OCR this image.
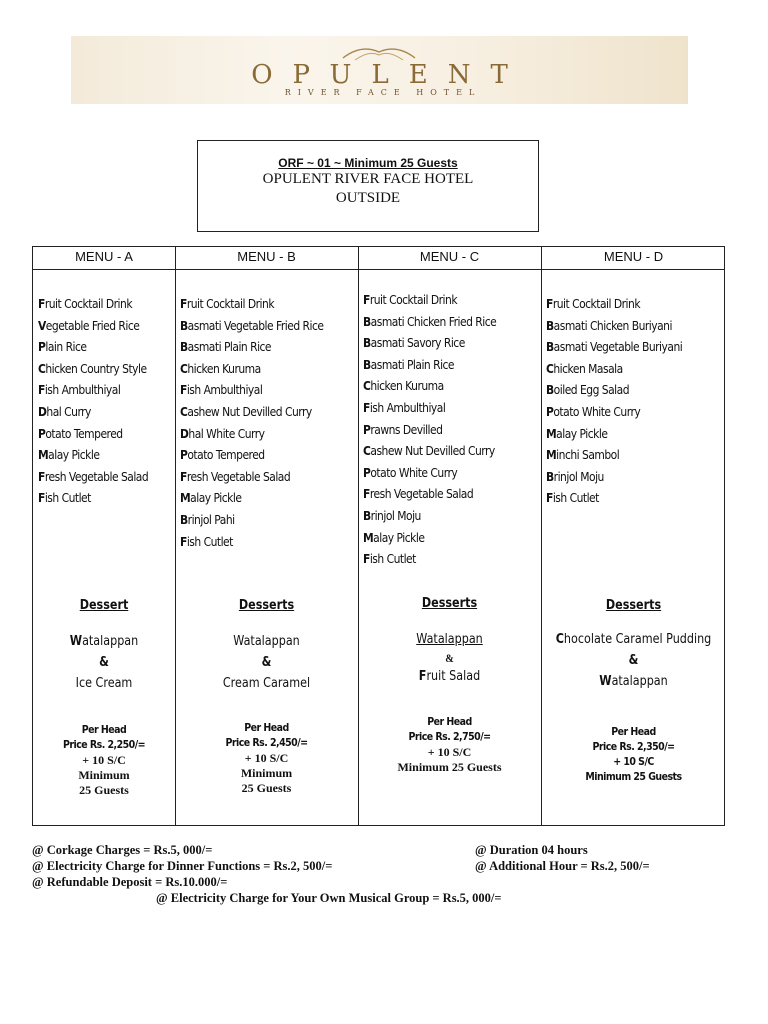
OPULENT
RIVER FACE HOTEL
ORF ~ 01 ~ Minimum 25 Guests
OPULENT RIVER FACE HOTEL
OUTSIDE
MENU - A
Fruit Cocktail Drink
Vegetable Fried Rice
Plain Rice
Chicken Country Style
Fish Ambulthiyal
Dhal Curry
Potato Tempered
Malay Pickle
Fresh Vegetable Salad
Fish Cutlet
Dessert
Watalappan
&
Ice Cream
Per Head
Price Rs. 2,250/=
+ 10 S/C
Minimum
25 Guests
MENU - B
Fruit Cocktail Drink
Basmati Vegetable Fried Rice
Basmati Plain Rice
Chicken Kuruma
Fish Ambulthiyal
Cashew Nut Devilled Curry
Dhal White Curry
Potato Tempered
Fresh Vegetable Salad
Malay Pickle
Brinjol Pahi
Fish Cutlet
Desserts
Watalappan
&
Cream Caramel
Per Head
Price Rs. 2,450/=
+ 10 S/C
Minimum
25 Guests
MENU - C
Fruit Cocktail Drink
Basmati Chicken Fried Rice
Basmati Savory Rice
Basmati Plain Rice
Chicken Kuruma
Fish Ambulthiyal
Prawns Devilled
Cashew Nut Devilled Curry
Potato White Curry
Fresh Vegetable Salad
Brinjol Moju
Malay Pickle
Fish Cutlet
Desserts
Watalappan
&
Fruit Salad
Per Head
Price Rs. 2,750/=
+ 10 S/C
Minimum 25 Guests
MENU - D
Fruit Cocktail Drink
Basmati Chicken Buriyani
Basmati Vegetable Buriyani
Chicken Masala
Boiled Egg Salad
Potato White Curry
Malay Pickle
Minchi Sambol
Brinjol Moju
Fish Cutlet
Desserts
Chocolate Caramel Pudding
&
Watalappan
Per Head
Price Rs. 2,350/=
+ 10 S/C
Minimum 25 Guests
@ Corkage Charges = Rs.5, 000/=	@ Duration 04 hours
@ Electricity Charge for Dinner Functions = Rs.2, 500/=	@ Additional Hour = Rs.2, 500/=
@ Refundable Deposit = Rs.10.000/=
@ Electricity Charge for Your Own Musical Group = Rs.5, 000/=
